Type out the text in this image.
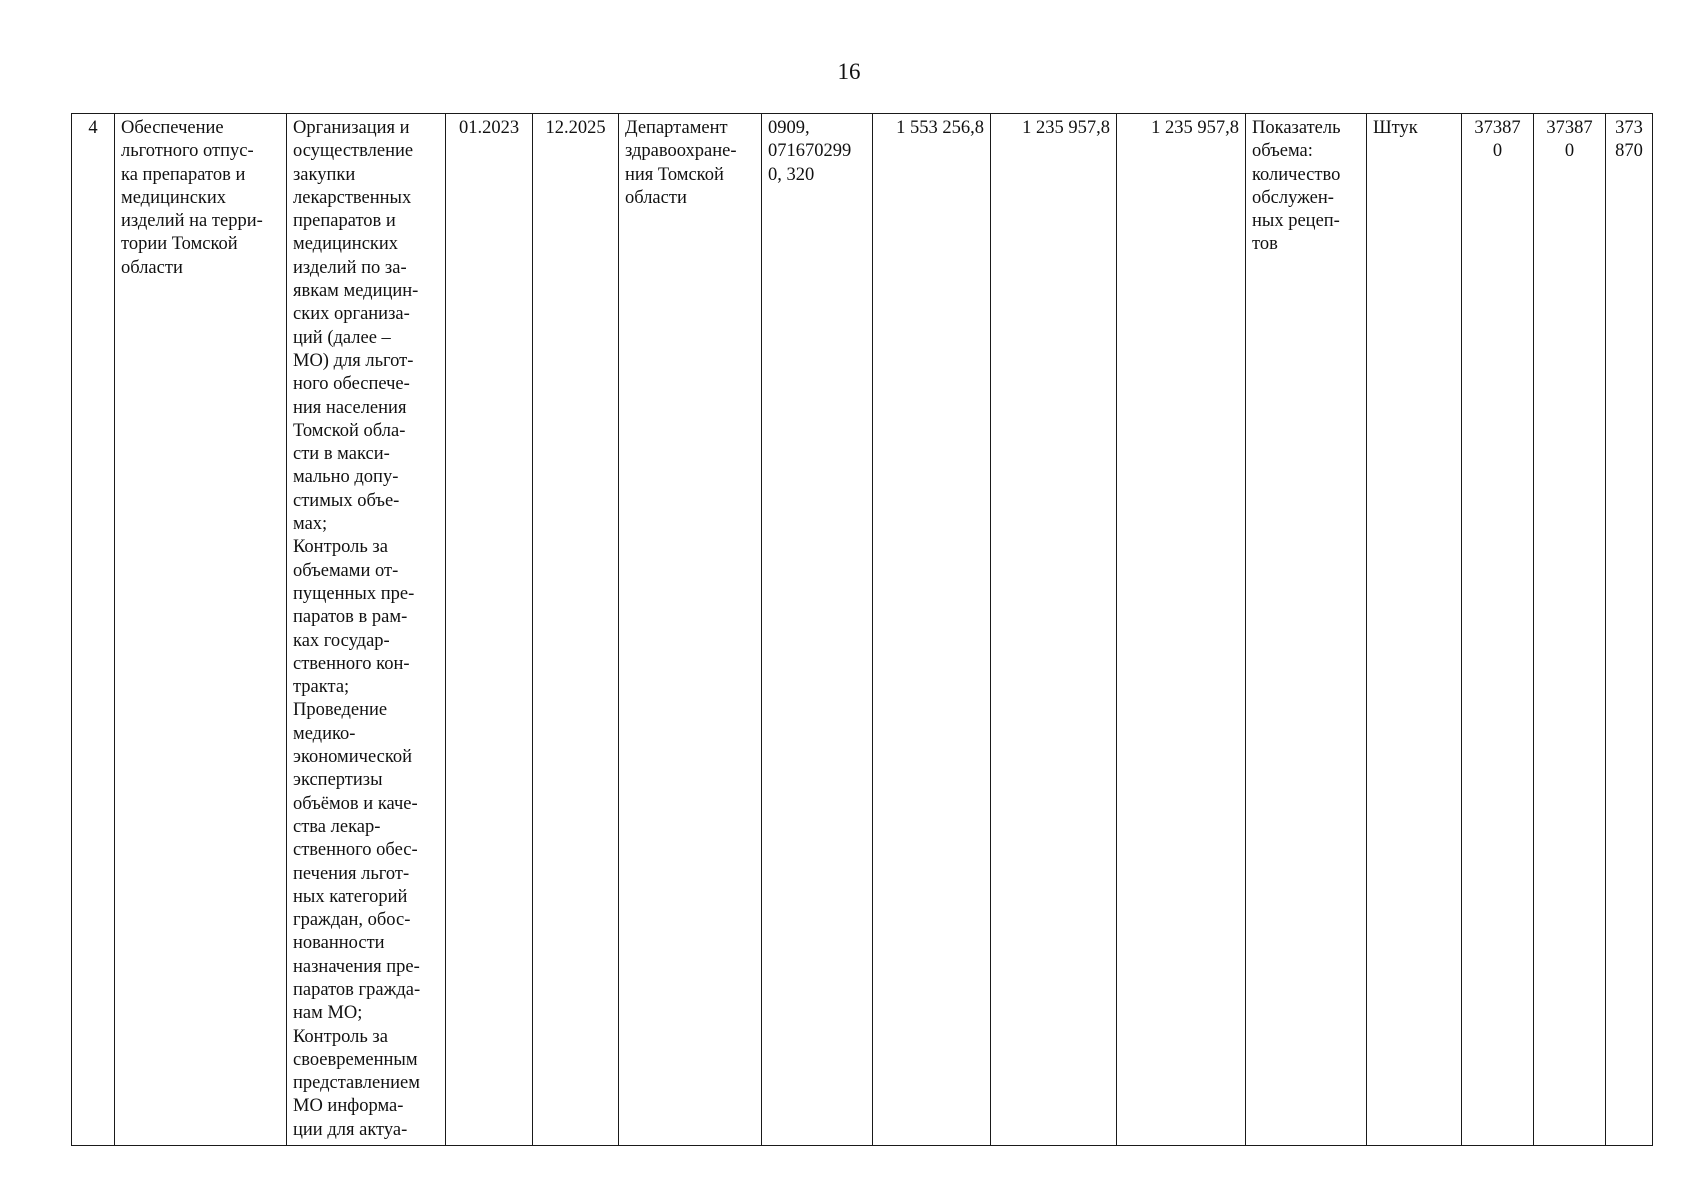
16
4	Обеспечение
льготного отпус-
ка препаратов и
медицинских
изделий на терри-
тории Томской
области	Организация и
осуществление
закупки
лекарственных
препаратов и
медицинских
изделий по за-
явкам медицин-
ских организа-
ций (далее –
МО) для льгот-
ного обеспече-
ния населения
Томской обла-
сти в макси-
мально допу-
стимых объе-
мах;
Контроль за
объемами от-
пущенных пре-
паратов в рам-
ках государ-
ственного кон-
тракта;
Проведение
медико-
экономической
экспертизы
объёмов и каче-
ства лекар-
ственного обес-
печения льгот-
ных категорий
граждан, обос-
нованности
назначения пре-
паратов гражда-
нам МО;
Контроль за
своевременным
представлением
МО информа-
ции для актуа-	01.2023	12.2025	Департамент
здравоохране-
ния Томской
области	0909,
071670299
0, 320	1 553 256,8	1 235 957,8	1 235 957,8	Показатель
объема:
количество
обслужен-
ных рецеп-
тов	Штук	37387
0	37387
0	373
870
